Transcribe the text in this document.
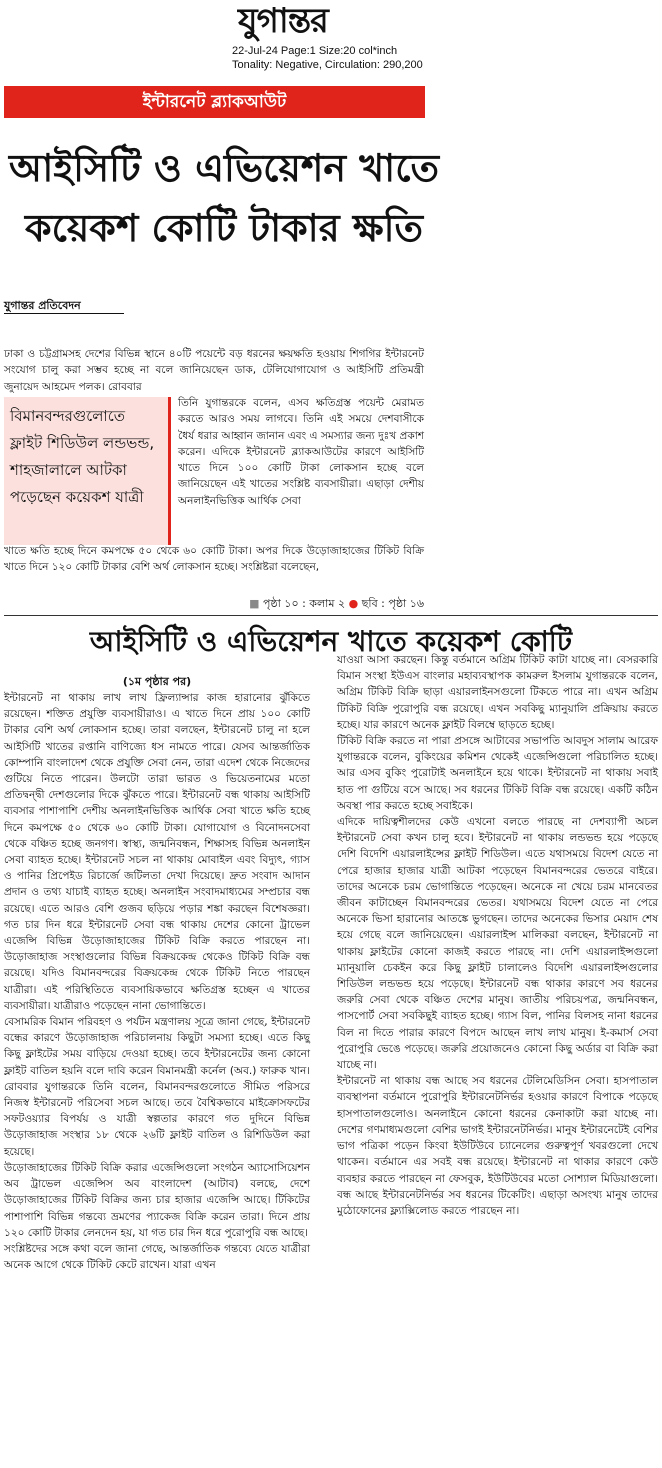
যুগান্তর
22-Jul-24 Page:1 Size:20 col*inch
Tonality: Negative, Circulation: 290,200
ইন্টারনেট ব্ল্যাকআউট
আইসিটি ও এভিয়েশন খাতে কয়েকশ কোটি টাকার ক্ষতি
যুগান্তর প্রতিবেদন
ঢাকা ও চট্টগ্রামসহ দেশের বিভিন্ন স্থানে ৪০টি পয়েন্টে বড় ধরনের ক্ষয়ক্ষতি হওয়ায় শিগগির ইন্টারনেট সংযোগ চালু করা সম্ভব হচ্ছে না বলে জানিয়েছেন ডাক, টেলিযোগাযোগ ও আইসিটি প্রতিমন্ত্রী জুনায়েদ আহমেদ পলক। রোববার
বিমানবন্দরগুলোতে ফ্লাইট শিডিউল লন্ডভন্ড, শাহজালালে আটকা পড়েছেন কয়েকশ যাত্রী
তিনি যুগান্তরকে বলেন, এসব ক্ষতিগ্রস্ত পয়েন্ট মেরামত করতে আরও সময় লাগবে। তিনি এই সময়ে দেশবাসীকে ধৈর্য ধরার আহ্বান জানান এবং এ সমস্যার জন্য দুঃখ প্রকাশ করেন। এদিকে ইন্টারনেট ব্ল্যাকআউটের কারণে আইসিটি খাতে দিনে ১০০ কোটি টাকা লোকসান হচ্ছে বলে জানিয়েছেন এই খাতের সংশ্লিষ্ট ব্যবসায়ীরা। এছাড়া দেশীয় অনলাইনভিত্তিক আর্থিক সেবা
খাতে ক্ষতি হচ্ছে দিনে কমপক্ষে ৫০ থেকে ৬০ কোটি টাকা। অপর দিকে উড়োজাহাজের টিকিট বিক্রি খাতে দিনে ১২০ কোটি টাকার বেশি অর্থ লোকসান হচ্ছে। সংশ্লিষ্টরা বলেছেন,
■ পৃষ্ঠা ১০ : কলাম ২ ● ছবি : পৃষ্ঠা ১৬
আইসিটি ও এভিয়েশন খাতে কয়েকশ কোটি
(১ম পৃষ্ঠার পর)

ইন্টারনেট না থাকায় লাখ লাখ ফ্রিল্যান্সার কাজ হারানোর ঝুঁকিতে রয়েছেন। শক্তিত প্রযুক্তি ব্যবসায়ীরাও। এ খাতে দিনে প্রায় ১০০ কোটি টাকার বেশি অর্থ লোকসান হচ্ছে। তারা বলছেন, ইন্টারনেট চালু না হলে আইসিটি খাতের রপ্তানি বাণিজ্যে ধস নামতে পারে। যেসব আন্তর্জাতিক কোম্পানি বাংলাদেশ থেকে প্রযুক্তি সেবা নেন, তারা এদেশ থেকে নিজেদের গুটিয়ে নিতে পারেন। উলটো তারা ভারত ও ভিয়েতনামের মতো প্রতিদ্বন্দ্বী দেশগুলোর দিকে ঝুঁকতে পারে। ইন্টারনেট বন্ধ থাকায় আইসিটি ব্যবসার পাশাপাশি দেশীয় অনলাইনভিত্তিক আর্থিক সেবা খাতে ক্ষতি হচ্ছে দিনে কমপক্ষে ৫০ থেকে ৬০ কোটি টাকা। যোগাযোগ ও বিনোদনসেবা থেকে বঞ্চিত হচ্ছে জনগণ। স্বাস্থ্য, জন্মনিবন্ধন, শিক্ষাসহ বিভিন্ন অনলাইন সেবা ব্যাহত হচ্ছে। ইন্টারনেট সচল না থাকায় মোবাইল এবং বিদ্যুৎ, গ্যাস ও পানির প্রিপেইড রিচার্জে জটিলতা দেখা দিয়েছে। দ্রুত সংবাদ আদান প্রদান ও তথ্য যাচাই ব্যাহত হচ্ছে। অনলাইন সংবাদমাধ্যমের সম্প্রচার বন্ধ রয়েছে। এতে আরও বেশি গুজব ছড়িয়ে পড়ার শঙ্কা করছেন বিশেষজ্ঞরা। গত চার দিন ধরে ইন্টারনেট সেবা বন্ধ থাকায় দেশের কোনো ট্রাভেল এজেন্সি বিভিন্ন উড়োজাহাজের টিকিট বিক্রি করতে পারছেন না। উড়োজাহাজ সংস্থাগুলোর বিভিন্ন বিক্রয়কেন্দ্র থেকেও টিকিট বিক্রি বন্ধ রয়েছে। যদিও বিমানবন্দরের বিক্রয়কেন্দ্র থেকে টিকিট নিতে পারছেন যাত্রীরা। এই পরিস্থিতিতে ব্যবসায়িকভাবে ক্ষতিগ্রস্ত হচ্ছেন এ খাতের ব্যবসায়ীরা। যাত্রীরাও পড়েছেন নানা ভোগান্তিতে।

বেসামরিক বিমান পরিবহণ ও পর্যটন মন্ত্রণালয় সূত্রে জানা গেছে, ইন্টারনেট বন্ধের কারণে উড়োজাহাজ পরিচালনায় কিছুটা সমস্যা হচ্ছে। এতে কিছু কিছু ফ্লাইটের সময় বাড়িয়ে দেওয়া হচ্ছে। তবে ইন্টারনেটের জন্য কোনো ফ্লাইট বাতিল হয়নি বলে দাবি করেন বিমানমন্ত্রী কর্নেল (অব.) ফারুক খান। রোববার যুগান্তরকে তিনি বলেন, বিমানবন্দরগুলোতে সীমিত পরিসরে নিজস্ব ইন্টারনেট পরিসেবা সচল আছে। তবে বৈশ্বিকভাবে মাইক্রোসফটের সফটওয়্যার বিপর্যয় ও যাত্রী স্বল্পতার কারণে গত দুদিনে বিভিন্ন উড়োজাহাজ সংস্থার ১৮ থেকে ২৬টি ফ্লাইট বাতিল ও রিশিডিউল করা হয়েছে।

উড়োজাহাজের টিকিট বিক্রি করার এজেন্সিগুলো সংগঠন অ্যাসোসিয়েশন অব ট্রাভেল এজেন্সিস অব বাংলাদেশ (আটাব) বলছে, দেশে উড়োজাহাজের টিকিট বিক্রির জন্য চার হাজার এজেন্সি আছে। টিকিটের পাশাপাশি বিভিন্ন গন্তব্যে ভ্রমণের প্যাকেজ বিক্রি করেন তারা। দিনে প্রায় ১২০ কোটি টাকার লেনদেন হয়, যা গত চার দিন ধরে পুরোপুরি বন্ধ আছে।

সংশ্লিষ্টদের সঙ্গে কথা বলে জানা গেছে, আন্তর্জাতিক গন্তব্যে যেতে যাত্রীরা অনেক আগে থেকে টিকিট কেটে রাখেন। যারা এখন

যাওয়া আসা করছেন। কিন্তু বর্তমানে অগ্রিম টিকিট কাটা যাচ্ছে না। বেসরকারি বিমান সংস্থা ইউএস বাংলার মহাব্যবস্থাপক কামরুল ইসলাম যুগান্তরকে বলেন, অগ্রিম টিকিট বিক্রি ছাড়া এয়ারলাইনসগুলো টিকতে পারে না। এখন অগ্রিম টিকিট বিক্রি পুরোপুরি বন্ধ রয়েছে। এখন সবকিছু ম্যানুয়ালি প্রক্রিয়ায় করতে হচ্ছে। যার কারণে অনেক ফ্লাইট বিলম্বে ছাড়তে হচ্ছে।

টিকিট বিক্রি করতে না পারা প্রসঙ্গে আটাবের সভাপতি আবদুস সালাম আরেফ যুগান্তরকে বলেন, বুকিংয়ের কমিশন থেকেই এজেন্সিগুলো পরিচালিত হচ্ছে। আর এসব বুকিং পুরোটাই অনলাইনে হয়ে থাকে। ইন্টারনেট না থাকায় সবাই হাত পা গুটিয়ে বসে আছে। সব ধরনের টিকিট বিক্রি বন্ধ রয়েছে। একটি কঠিন অবস্থা পার করতে হচ্ছে সবাইকে।

এদিকে দায়িত্বশীলদের কেউ এখনো বলতে পারছে না দেশব্যাপী অচল ইন্টারনেট সেবা কখন চালু হবে। ইন্টারনেট না থাকায় লন্ডভন্ড হয়ে পড়েছে দেশি বিদেশি এয়ারলাইন্সের ফ্লাইট শিডিউল। এতে যথাসময়ে বিদেশ যেতে না পেরে হাজার হাজার যাত্রী আটকা পড়েছেন বিমানবন্দরের ভেতরে বাইরে। তাদের অনেকে চরম ভোগান্তিতে পড়েছেন। অনেকে না খেয়ে চরম মানবেতর জীবন কাটাচ্ছেন বিমানবন্দরের ভেতর। যথাসময়ে বিদেশ যেতে না পেরে অনেকে ভিসা হারানোর আতঙ্কে ভুগছেন। তাদের অনেকের ভিসার মেয়াদ শেষ হয়ে গেছে বলে জানিয়েছেন। এয়ারলাইন্স মালিকরা বলছেন, ইন্টারনেট না থাকায় ফ্লাইটের কোনো কাজই করতে পারছে না। দেশি এয়ারলাইন্সগুলো ম্যানুয়ালি চেকইন করে কিছু ফ্লাইট চালালেও বিদেশি এয়ারলাইন্সগুলোর শিডিউল লন্ডভন্ড হয়ে পড়েছে। ইন্টারনেট বন্ধ থাকার কারণে সব ধরনের জরুরি সেবা থেকে বঞ্চিত দেশের মানুষ। জাতীয় পরিচয়পত্র, জন্মনিবন্ধন, পাসপোর্ট সেবা সবকিছুই ব্যাহত হচ্ছে। গ্যাস বিল, পানির বিলসহ নানা ধরনের বিল না দিতে পারার কারণে বিপদে আছেন লাখ লাখ মানুষ। ই-কমার্স সেবা পুরোপুরি ভেঙে পড়েছে। জরুরি প্রয়োজনেও কোনো কিছু অর্ডার বা বিক্রি করা যাচ্ছে না।

ইন্টারনেট না থাকায় বন্ধ আছে সব ধরনের টেলিমেডিসিন সেবা। হাসপাতাল ব্যবস্থাপনা বর্তমানে পুরোপুরি ইন্টারনেটনির্ভর হওয়ার কারণে বিপাকে পড়েছে হাসপাতালগুলোও। অনলাইনে কোনো ধরনের কেনাকাটা করা যাচ্ছে না। দেশের গণমাধ্যমগুলো বেশির ভাগই ইন্টারনেটনির্ভর। মানুষ ইন্টারনেটেই বেশির ভাগ পত্রিকা পড়েন কিংবা ইউটিউবে চ্যানেলের গুরুত্বপূর্ণ খবরগুলো দেখে থাকেন। বর্তমানে এর সবই বন্ধ রয়েছে। ইন্টারনেট না থাকার কারণে কেউ ব্যবহার করতে পারছেন না ফেসবুক, ইউটিউবের মতো সোশ্যাল মিডিয়াগুলো। বন্ধ আছে ইন্টারনেটনির্ভর সব ধরনের টিকেটিং। এছাড়া অসংখ্য মানুষ তাদের মুঠোফোনের ফ্ল্যাক্সিলোড করতে পারছেন না।
